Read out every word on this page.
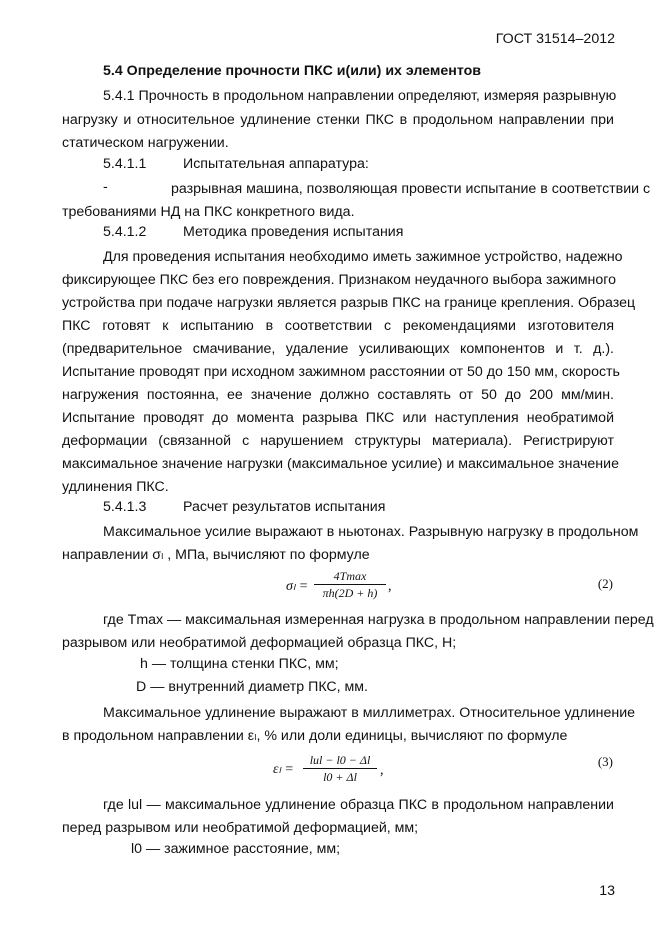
ГОСТ 31514–2012
5.4 Определение прочности ПКС и(или) их элементов
5.4.1 Прочность в продольном направлении определяют, измеряя разрывную
нагрузку и относительное удлинение стенки ПКС в продольном направлении при
статическом нагружении.
5.4.1.1	Испытательная аппаратура:
-	разрывная машина, позволяющая провести испытание в соответствии с
требованиями НД на ПКС конкретного вида.
5.4.1.2	Методика проведения испытания
Для проведения испытания необходимо иметь зажимное устройство, надежно
фиксирующее ПКС без его повреждения. Признаком неудачного выбора зажимного
устройства при подаче нагрузки является разрыв ПКС на границе крепления. Образец
ПКС готовят к испытанию в соответствии с рекомендациями изготовителя
(предварительное смачивание, удаление усиливающих компонентов и т. д.).
Испытание проводят при исходном зажимном расстоянии от 50 до 150 мм, скорость
нагружения постоянна, ее значение должно составлять от 50 до 200 мм/мин.
Испытание проводят до момента разрыва ПКС или наступления необратимой
деформации (связанной с нарушением структуры материала). Регистрируют
максимальное значение нагрузки (максимальное усилие) и максимальное значение
удлинения ПКС.
5.4.1.3	Расчет результатов испытания
Максимальное усилие выражают в ньютонах. Разрывную нагрузку в продольном
направлении σₗ , МПа, вычисляют по формуле
σₗ =
4Tmax
πh(2D + h) ,	(2)
где Tmax — максимальная измеренная нагрузка в продольном направлении перед
разрывом или необратимой деформацией образца ПКС, Н;
h — толщина стенки ПКС, мм;
D — внутренний диаметр ПКС, мм.
Максимальное удлинение выражают в миллиметрах. Относительное удлинение
в продольном направлении εₗ, % или доли единицы, вычисляют по формуле
εₗ =
lul − l0 − Δl
l0 + Δl	,
(3)
где lul — максимальное удлинение образца ПКС в продольном направлении
перед разрывом или необратимой деформацией, мм;
l0 — зажимное расстояние, мм;
13
